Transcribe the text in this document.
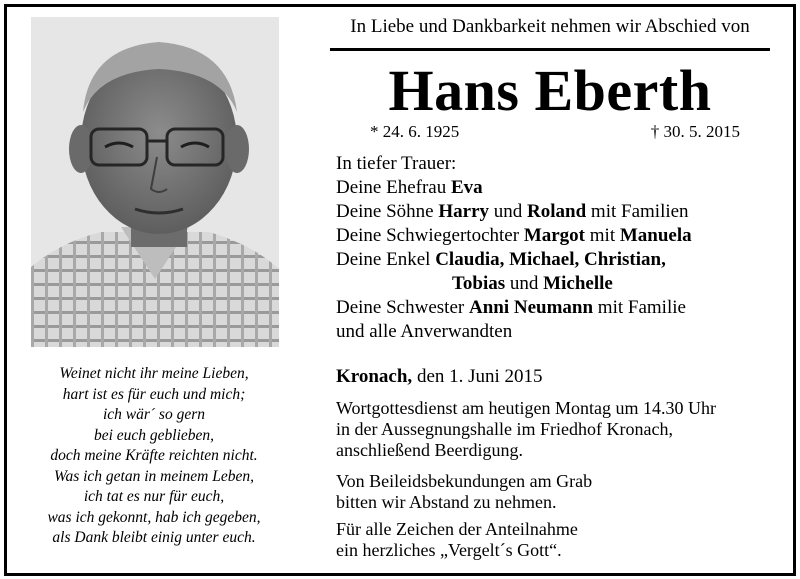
Weinet nicht ihr meine Lieben,
hart ist es für euch und mich;
ich wär´ so gern
bei euch geblieben,
doch meine Kräfte reichten nicht.
Was ich getan in meinem Leben,
ich tat es nur für euch,
was ich gekonnt, hab ich gegeben,
als Dank bleibt einig unter euch.
In Liebe und Dankbarkeit nehmen wir Abschied von
Hans Eberth
* 24. 6. 1925	† 30. 5. 2015
In tiefer Trauer:
Deine Ehefrau Eva
Deine Söhne Harry und Roland mit Familien
Deine Schwiegertochter Margot mit Manuela
Deine Enkel Claudia, Michael, Christian,
Tobias und Michelle
Deine Schwester Anni Neumann mit Familie
und alle Anverwandten
Kronach, den 1. Juni 2015
Wortgottesdienst am heutigen Montag um 14.30 Uhr
in der Aussegnungshalle im Friedhof Kronach,
anschließend Beerdigung.
Von Beileidsbekundungen am Grab
bitten wir Abstand zu nehmen.
Für alle Zeichen der Anteilnahme
ein herzliches „Vergelt´s Gott“.
